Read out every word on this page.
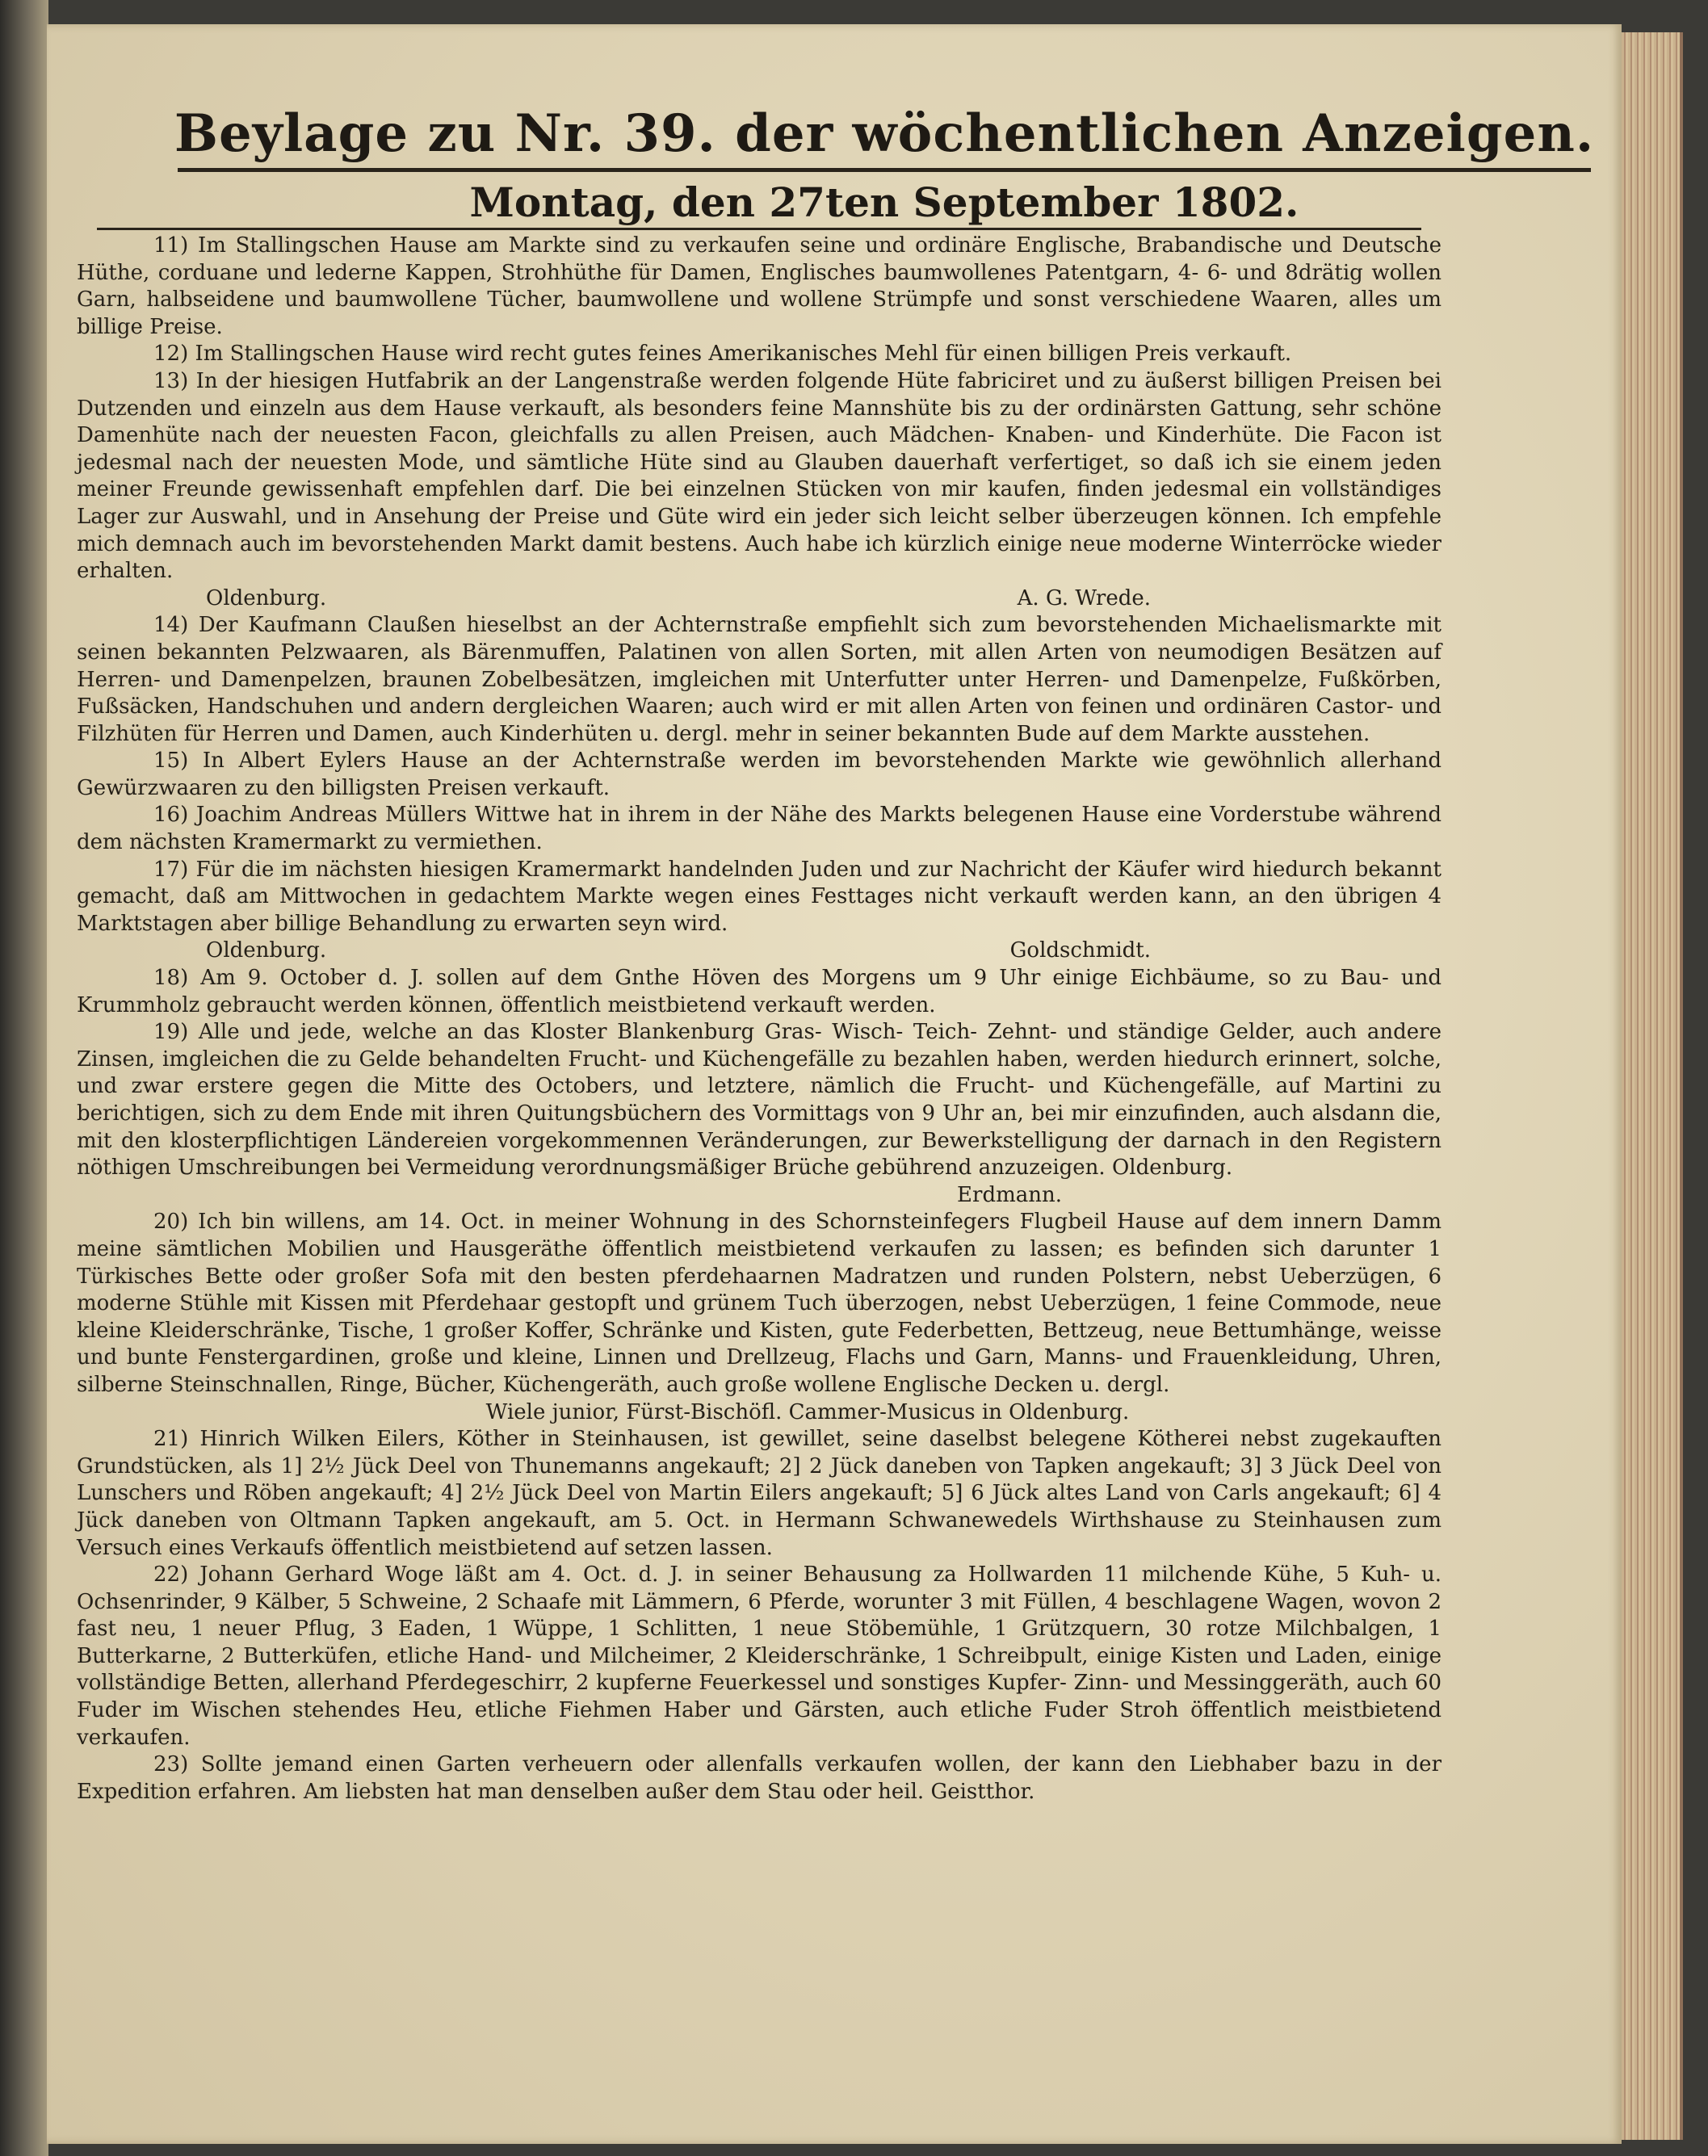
Beylage zu Nr. 39. der wöchentlichen Anzeigen.
Montag, den 27ten September 1802.

11) Im Stallingschen Hause am Markte sind zu verkaufen seine und ordinäre Englische, Brabandische und Deutsche Hüthe, corduane und lederne Kappen, Strohhüthe für Damen, Englisches baumwollenes Patentgarn, 4- 6- und 8drätig wollen Garn, halbseidene und baumwollene Tücher, baumwollene und wollene Strümpfe und sonst verschiedene Waaren, alles um billige Preise.

12) Im Stallingschen Hause wird recht gutes feines Amerikanisches Mehl für einen billigen Preis verkauft.

13) In der hiesigen Hutfabrik an der Langenstraße werden folgende Hüte fabriciret und zu äußerst billigen Preisen bei Dutzenden und einzeln aus dem Hause verkauft, als besonders feine Mannshüte bis zu der ordinärsten Gattung, sehr schöne Damenhüte nach der neuesten Facon, gleichfalls zu allen Preisen, auch Mädchen- Knaben- und Kinderhüte. Die Facon ist jedesmal nach der neuesten Mode, und sämtliche Hüte sind au Glauben dauerhaft verfertiget, so daß ich sie einem jeden meiner Freunde gewissenhaft empfehlen darf. Die bei einzelnen Stücken von mir kaufen, finden jedesmal ein vollständiges Lager zur Auswahl, und in Ansehung der Preise und Güte wird ein jeder sich leicht selber überzeugen können. Ich empfehle mich demnach auch im bevorstehenden Markt damit bestens. Auch habe ich kürzlich einige neue moderne Winterröcke wieder erhalten.

Oldenburg.	A. G. Wrede.

14) Der Kaufmann Claußen hieselbst an der Achternstraße empfiehlt sich zum bevorstehenden Michaelismarkte mit seinen bekannten Pelzwaaren, als Bärenmuffen, Palatinen von allen Sorten, mit allen Arten von neumodigen Besätzen auf Herren- und Damenpelzen, braunen Zobelbesätzen, imgleichen mit Unterfutter unter Herren- und Damenpelze, Fußkörben, Fußsäcken, Handschuhen und andern dergleichen Waaren; auch wird er mit allen Arten von feinen und ordinären Castor- und Filzhüten für Herren und Damen, auch Kinderhüten u. dergl. mehr in seiner bekannten Bude auf dem Markte ausstehen.

15) In Albert Eylers Hause an der Achternstraße werden im bevorstehenden Markte wie gewöhnlich allerhand Gewürzwaaren zu den billigsten Preisen verkauft.

16) Joachim Andreas Müllers Wittwe hat in ihrem in der Nähe des Markts belegenen Hause eine Vorderstube während dem nächsten Kramermarkt zu vermiethen.

17) Für die im nächsten hiesigen Kramermarkt handelnden Juden und zur Nachricht der Käufer wird hiedurch bekannt gemacht, daß am Mittwochen in gedachtem Markte wegen eines Festtages nicht verkauft werden kann, an den übrigen 4 Marktstagen aber billige Behandlung zu erwarten seyn wird.

Oldenburg.	Goldschmidt.

18) Am 9. October d. J. sollen auf dem Gnthe Höven des Morgens um 9 Uhr einige Eichbäume, so zu Bau- und Krummholz gebraucht werden können, öffentlich meistbietend verkauft werden.

19) Alle und jede, welche an das Kloster Blankenburg Gras- Wisch- Teich- Zehnt- und ständige Gelder, auch andere Zinsen, imgleichen die zu Gelde behandelten Frucht- und Küchengefälle zu bezahlen haben, werden hiedurch erinnert, solche, und zwar erstere gegen die Mitte des Octobers, und letztere, nämlich die Frucht- und Küchengefälle, auf Martini zu berichtigen, sich zu dem Ende mit ihren Quitungsbüchern des Vormittags von 9 Uhr an, bei mir einzufinden, auch alsdann die, mit den klosterpflichtigen Ländereien vorgekommennen Veränderungen, zur Bewerkstelligung der darnach in den Registern nöthigen Umschreibungen bei Vermeidung verordnungsmäßiger Brüche gebührend anzuzeigen. Oldenburg.

Erdmann.

20) Ich bin willens, am 14. Oct. in meiner Wohnung in des Schornsteinfegers Flugbeil Hause auf dem innern Damm meine sämtlichen Mobilien und Hausgeräthe öffentlich meistbietend verkaufen zu lassen; es befinden sich darunter 1 Türkisches Bette oder großer Sofa mit den besten pferdehaarnen Madratzen und runden Polstern, nebst Ueberzügen, 6 moderne Stühle mit Kissen mit Pferdehaar gestopft und grünem Tuch überzogen, nebst Ueberzügen, 1 feine Commode, neue kleine Kleiderschränke, Tische, 1 großer Koffer, Schränke und Kisten, gute Federbetten, Bettzeug, neue Bettumhänge, weisse und bunte Fenstergardinen, große und kleine, Linnen und Drellzeug, Flachs und Garn, Manns- und Frauenkleidung, Uhren, silberne Steinschnallen, Ringe, Bücher, Küchengeräth, auch große wollene Englische Decken u. dergl.

Wiele junior, Fürst-Bischöfl. Cammer-Musicus in Oldenburg.

21) Hinrich Wilken Eilers, Köther in Steinhausen, ist gewillet, seine daselbst belegene Kötherei nebst zugekauften Grundstücken, als 1] 2½ Jück Deel von Thunemanns angekauft; 2] 2 Jück daneben von Tapken angekauft; 3] 3 Jück Deel von Lunschers und Röben angekauft; 4] 2½ Jück Deel von Martin Eilers angekauft; 5] 6 Jück altes Land von Carls angekauft; 6] 4 Jück daneben von Oltmann Tapken angekauft, am 5. Oct. in Hermann Schwanewedels Wirthshause zu Steinhausen zum Versuch eines Verkaufs öffentlich meistbietend auf setzen lassen.

22) Johann Gerhard Woge läßt am 4. Oct. d. J. in seiner Behausung za Hollwarden 11 milchende Kühe, 5 Kuh- u. Ochsenrinder, 9 Kälber, 5 Schweine, 2 Schaafe mit Lämmern, 6 Pferde, worunter 3 mit Füllen, 4 beschlagene Wagen, wovon 2 fast neu, 1 neuer Pflug, 3 Eaden, 1 Wüppe, 1 Schlitten, 1 neue Stöbemühle, 1 Grützquern, 30 rotze Milchbalgen, 1 Butterkarne, 2 Butterküfen, etliche Hand- und Milcheimer, 2 Kleiderschränke, 1 Schreibpult, einige Kisten und Laden, einige vollständige Betten, allerhand Pferdegeschirr, 2 kupferne Feuerkessel und sonstiges Kupfer- Zinn- und Messinggeräth, auch 60 Fuder im Wischen stehendes Heu, etliche Fiehmen Haber und Gärsten, auch etliche Fuder Stroh öffentlich meistbietend verkaufen.

23) Sollte jemand einen Garten verheuern oder allenfalls verkaufen wollen, der kann den Liebhaber bazu in der Expedition erfahren. Am liebsten hat man denselben außer dem Stau oder heil. Geistthor.
